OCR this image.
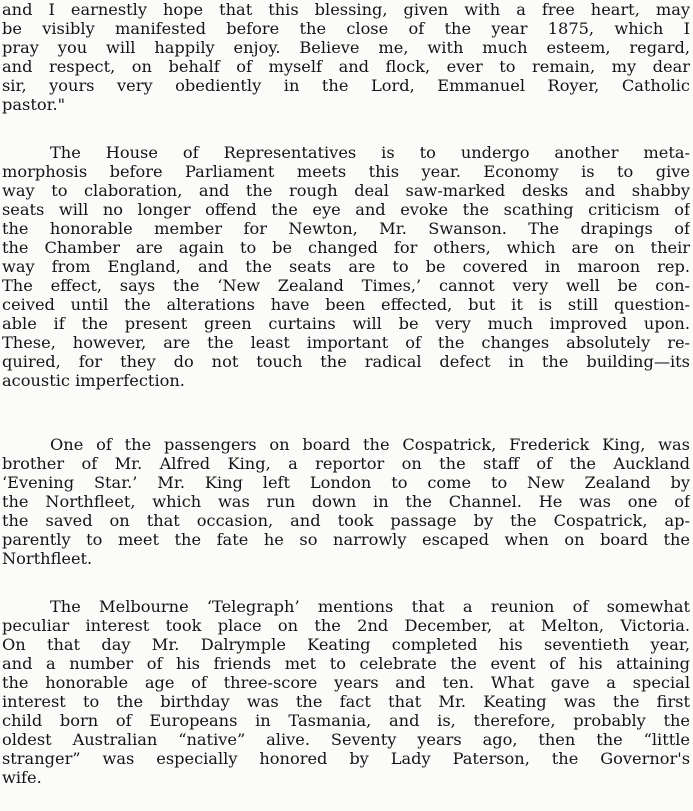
and I earnestly hope that this blessing, given with a free heart, may
be visibly manifested before the close of the year 1875, which I
pray you will happily enjoy. Believe me, with much esteem, regard,
and respect, on behalf of myself and flock, ever to remain, my dear
sir, yours very obediently in the Lord, Emmanuel Royer, Catholic
pastor."
The House of Representatives is to undergo another meta-
morphosis before Parliament meets this year. Economy is to give
way to claboration, and the rough deal saw-marked desks and shabby
seats will no longer offend the eye and evoke the scathing criticism of
the honorable member for Newton, Mr. Swanson. The drapings of
the Chamber are again to be changed for others, which are on their
way from England, and the seats are to be covered in maroon rep.
The effect, says the ‘New Zealand Times,’ cannot very well be con-
ceived until the alterations have been effected, but it is still question-
able if the present green curtains will be very much improved upon.
These, however, are the least important of the changes absolutely re-
quired, for they do not touch the radical defect in the building—its
acoustic imperfection.
One of the passengers on board the Cospatrick, Frederick King, was
brother of Mr. Alfred King, a reportor on the staff of the Auckland
‘Evening Star.’ Mr. King left London to come to New Zealand by
the Northfleet, which was run down in the Channel. He was one of
the saved on that occasion, and took passage by the Cospatrick, ap-
parently to meet the fate he so narrowly escaped when on board the
Northfleet.
The Melbourne ‘Telegraph’ mentions that a reunion of somewhat
peculiar interest took place on the 2nd December, at Melton, Victoria.
On that day Mr. Dalrymple Keating completed his seventieth year,
and a number of his friends met to celebrate the event of his attaining
the honorable age of three-score years and ten. What gave a special
interest to the birthday was the fact that Mr. Keating was the first
child born of Europeans in Tasmania, and is, therefore, probably the
oldest Australian “native” alive. Seventy years ago, then the “little
stranger” was especially honored by Lady Paterson, the Governor's
wife.
